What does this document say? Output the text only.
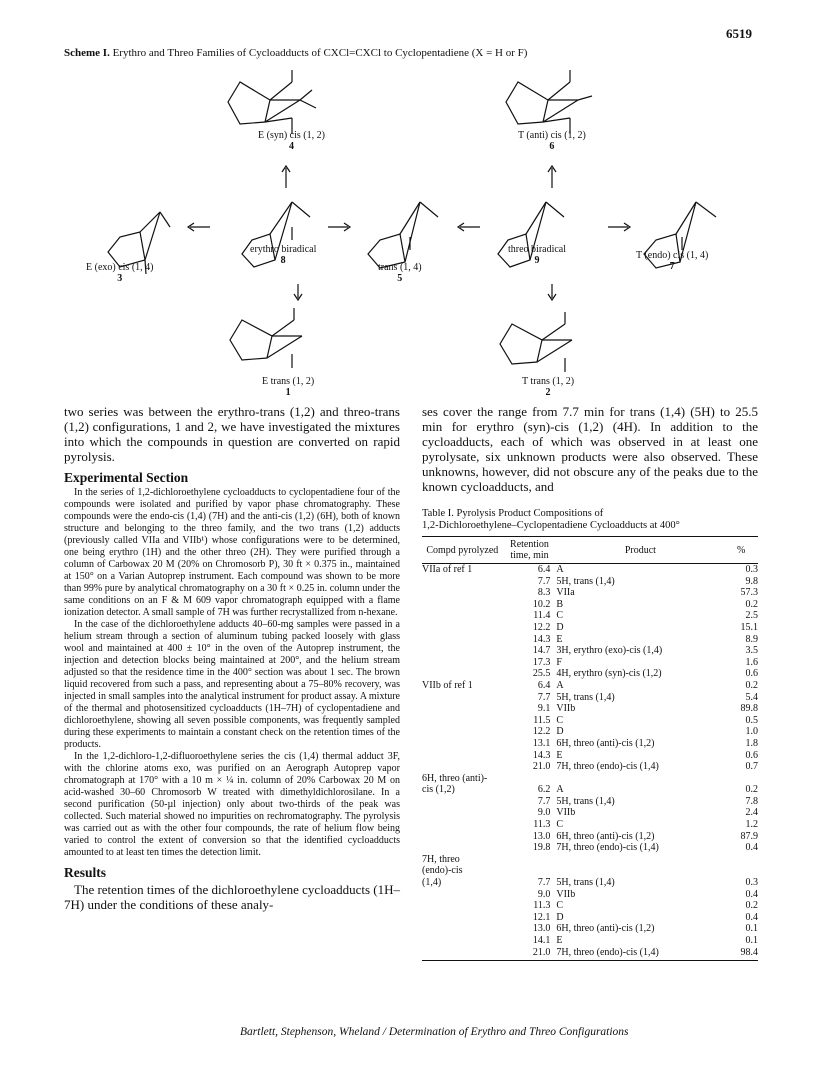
6519
Scheme I. Erythro and Threo Families of Cycloadducts of CXCl=CXCl to Cyclopentadiene (X = H or F)
E (syn) cis (1, 2)
4
T (anti) cis (1, 2)
6
E (exo) cis (1, 4)
3
erythro biradical
8
trans (1, 4)
5
threo biradical
9	T (endo) cis (1, 4)
7
E trans (1, 2)
1
T trans (1, 2)
2

two series was between the erythro-trans (1,2) and threo-trans (1,2) configurations, 1 and 2, we have investigated the mixtures into which the compounds in question are converted on rapid pyrolysis.

Experimental Section

In the series of 1,2-dichloroethylene cycloadducts to cyclopentadiene four of the compounds were isolated and purified by vapor phase chromatography. These compounds were the endo-cis (1,4) (7H) and the anti-cis (1,2) (6H), both of known structure and belonging to the threo family, and the two trans (1,2) adducts (previously called VIIa and VIIb¹) whose configurations were to be determined, one being erythro (1H) and the other threo (2H). They were purified through a column of Carbowax 20 M (20% on Chromosorb P), 30 ft × 0.375 in., maintained at 150° on a Varian Autoprep instrument. Each compound was shown to be more than 99% pure by analytical chromatography on a 30 ft × 0.25 in. column under the same conditions on an F & M 609 vapor chromatograph equipped with a flame ionization detector. A small sample of 7H was further recrystallized from n-hexane.

In the case of the dichloroethylene adducts 40–60-mg samples were passed in a helium stream through a section of aluminum tubing packed loosely with glass wool and maintained at 400 ± 10° in the oven of the Autoprep instrument, the injection and detection blocks being maintained at 200°, and the helium stream adjusted so that the residence time in the 400° section was about 1 sec. The brown liquid recovered from such a pass, and representing about a 75–80% recovery, was injected in small samples into the analytical instrument for product assay. A mixture of the thermal and photosensitized cycloadducts (1H–7H) of cyclopentadiene and dichloroethylene, showing all seven possible components, was frequently sampled during these experiments to maintain a constant check on the retention times of the products.

In the 1,2-dichloro-1,2-difluoroethylene series the cis (1,4) thermal adduct 3F, with the chlorine atoms exo, was purified on an Aerograph Autoprep vapor chromatograph at 170° with a 10 m × ¼ in. column of 20% Carbowax 20 M on acid-washed 30–60 Chromosorb W treated with dimethyldichlorosilane. In a second purification (50-µl injection) only about two-thirds of the peak was collected. Such material showed no impurities on rechromatography. The pyrolysis was carried out as with the other four compounds, the rate of helium flow being varied to control the extent of conversion so that the identified cycloadducts amounted to at least ten times the detection limit.

Results

The retention times of the dichloroethylene cycloadducts (1H–7H) under the conditions of these analy-

ses cover the range from 7.7 min for trans (1,4) (5H) to 25.5 min for erythro (syn)-cis (1,2) (4H). In addition to the cycloadducts, each of which was observed in at least one pyrolysate, six unknown products were also observed. These unknowns, however, did not obscure any of the peaks due to the known cycloadducts, and

Table I. Pyrolysis Product Compositions of
1,2-Dichloroethylene–Cyclopentadiene Cycloadducts at 400°
Compd pyrolyzed	Retention time, min	Product	%
VIIa of ref 1	6.4	A	0.3
	7.7	5H, trans (1,4)	9.8
	8.3	VIIa	57.3
	10.2	B	0.2
	11.4	C	2.5
	12.2	D	15.1
	14.3	E	8.9
	14.7	3H, erythro (exo)-cis (1,4)	3.5
	17.3	F	1.6
	25.5	4H, erythro (syn)-cis (1,2)	0.6
VIIb of ref 1	6.4	A	0.2
	7.7	5H, trans (1,4)	5.4
	9.1	VIIb	89.8
	11.5	C	0.5
	12.2	D	1.0
	13.1	6H, threo (anti)-cis (1,2)	1.8
	14.3	E	0.6
	21.0	7H, threo (endo)-cis (1,4)	0.7
6H, threo (anti)-			
cis (1,2)	6.2	A	0.2
	7.7	5H, trans (1,4)	7.8
	9.0	VIIb	2.4
	11.3	C	1.2
	13.0	6H, threo (anti)-cis (1,2)	87.9
	19.8	7H, threo (endo)-cis (1,4)	0.4
7H, threo			
(endo)-cis			
(1,4)	7.7	5H, trans (1,4)	0.3
	9.0	VIIb	0.4
	11.3	C	0.2
	12.1	D	0.4
	13.0	6H, threo (anti)-cis (1,2)	0.1
	14.1	E	0.1
	21.0	7H, threo (endo)-cis (1,4)	98.4
Bartlett, Stephenson, Wheland / Determination of Erythro and Threo Configurations
